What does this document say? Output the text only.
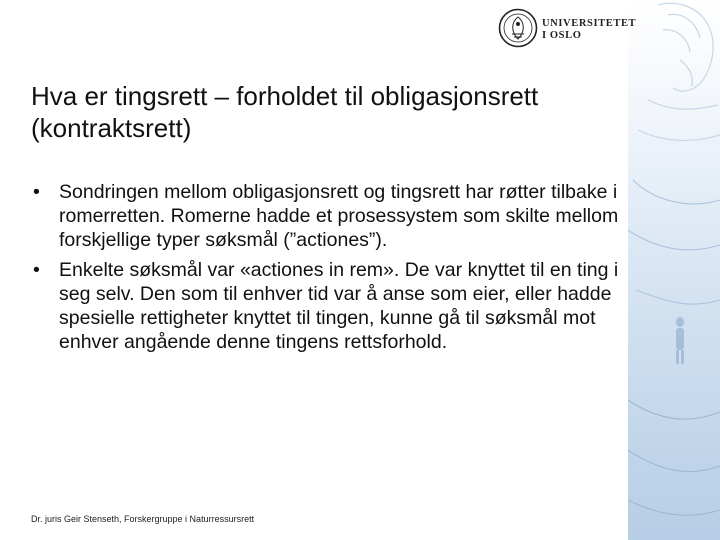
UNIVERSITETET
I OSLO
Hva er tingsrett – forholdet til obligasjonsrett (kontraktsrett)
• Sondringen mellom obligasjonsrett og tingsrett har røtter tilbake i romerretten. Romerne hadde et prosessystem som skilte mellom forskjellige typer søksmål (”actiones”).
• Enkelte søksmål var «actiones in rem». De var knyttet til en ting i seg selv. Den som til enhver tid var å anse som eier, eller hadde spesielle rettigheter knyttet til tingen, kunne gå til søksmål mot enhver angående denne tingens rettsforhold.
Dr. juris Geir Stenseth, Forskergruppe i Naturressursrett
